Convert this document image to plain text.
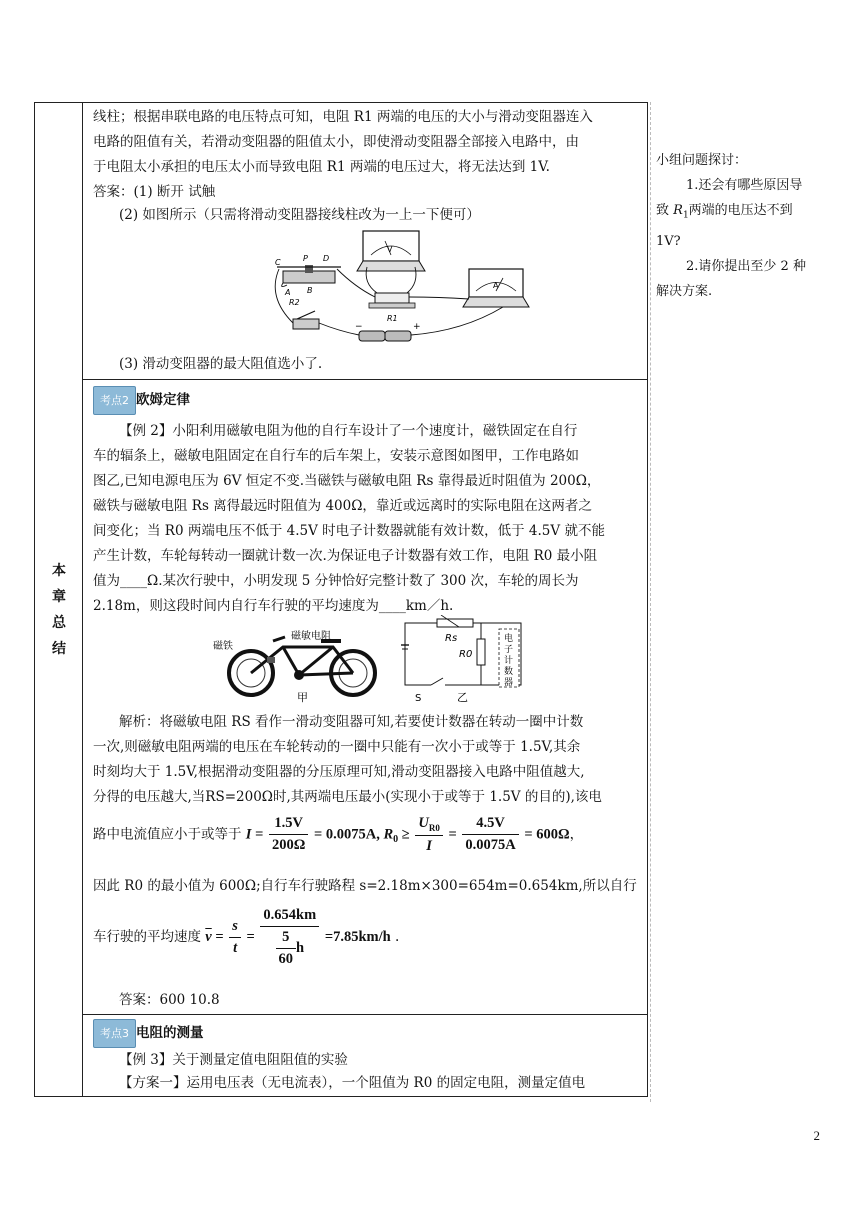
本
章
总
结
线柱；根据串联电路的电压特点可知，电阻 R1 两端的电压的大小与滑动变阻器连入
电路的阻值有关，若滑动变阻器的阻值太小，即使滑动变阻器全部接入电路中，由
于电阻太小承担的电压太小而导致电阻 R1 两端的电压过大，将无法达到 1V.
答案：(1) 断开 试触
(2) 如图所示（只需将滑动变阻器接线柱改为一上一下便可）
V
A
R1
C	P D
A B
R2
−	+
(3) 滑动变阻器的最大阻值选小了.
考点2 欧姆定律
【例 2】小阳利用磁敏电阻为他的自行车设计了一个速度计，磁铁固定在自行
车的辐条上，磁敏电阻固定在自行车的后车架上，安装示意图如图甲，工作电路如
图乙,已知电源电压为 6V 恒定不变.当磁铁与磁敏电阻 Rs 靠得最近时阻值为 200Ω，
磁铁与磁敏电阻 Rs 离得最远时阻值为 400Ω，靠近或远离时的实际电阻在这两者之
间变化；当 R0 两端电压不低于 4.5V 时电子计数器就能有效计数，低于 4.5V 就不能
产生计数，车轮每转动一圈就计数一次.为保证电子计数器有效工作，电阻 R0 最小阻
值为____Ω.某次行驶中，小明发现 5 分钟恰好完整计数了 300 次，车轮的周长为
2.18m，则这段时间内自行车行驶的平均速度为____km／h.
磁铁
磁敏电阻
甲
Rs
R0
电
子
计
数
器
S	乙
解析：将磁敏电阻 RS 看作一滑动变阻器可知,若要使计数器在转动一圈中计数
一次,则磁敏电阻两端的电压在车轮转动的一圈中只能有一次小于或等于 1.5V,其余
时刻均大于 1.5V,根据滑动变阻器的分压原理可知,滑动变阻器接入电路中阻值越大,
分得的电压越大,当RS=200Ω时,其两端电压最小(实现小于或等于 1.5V 的目的),该电
路中电流值应小于或等于 $I = \frac{1.5V}{200\Omega} = 0.0075A$, $R_0 \ge \frac{U_{R0}}{I} = \frac{4.5V}{0.0075A} = 600\Omega$，
因此 R0 的最小值为 600Ω;自行车行驶路程 s=2.18m×300=654m=0.654km,所以自行
车行驶的平均速度 $\overline{v} = \frac{s}{t} = \frac{0.654km}{\frac{5}{60} h} =7.85km/h$ .
答案：600 10.8
考点3 电阻的测量
【例 3】关于测量定值电阻阻值的实验
【方案一】运用电压表（无电流表），一个阻值为 R0 的固定电阻，测量定值电
小组问题探讨：
1.还会有哪些原因导
致 $R_1$两端的电压达不到
1V?
2.请你提出至少 2 种
解决方案.
2
